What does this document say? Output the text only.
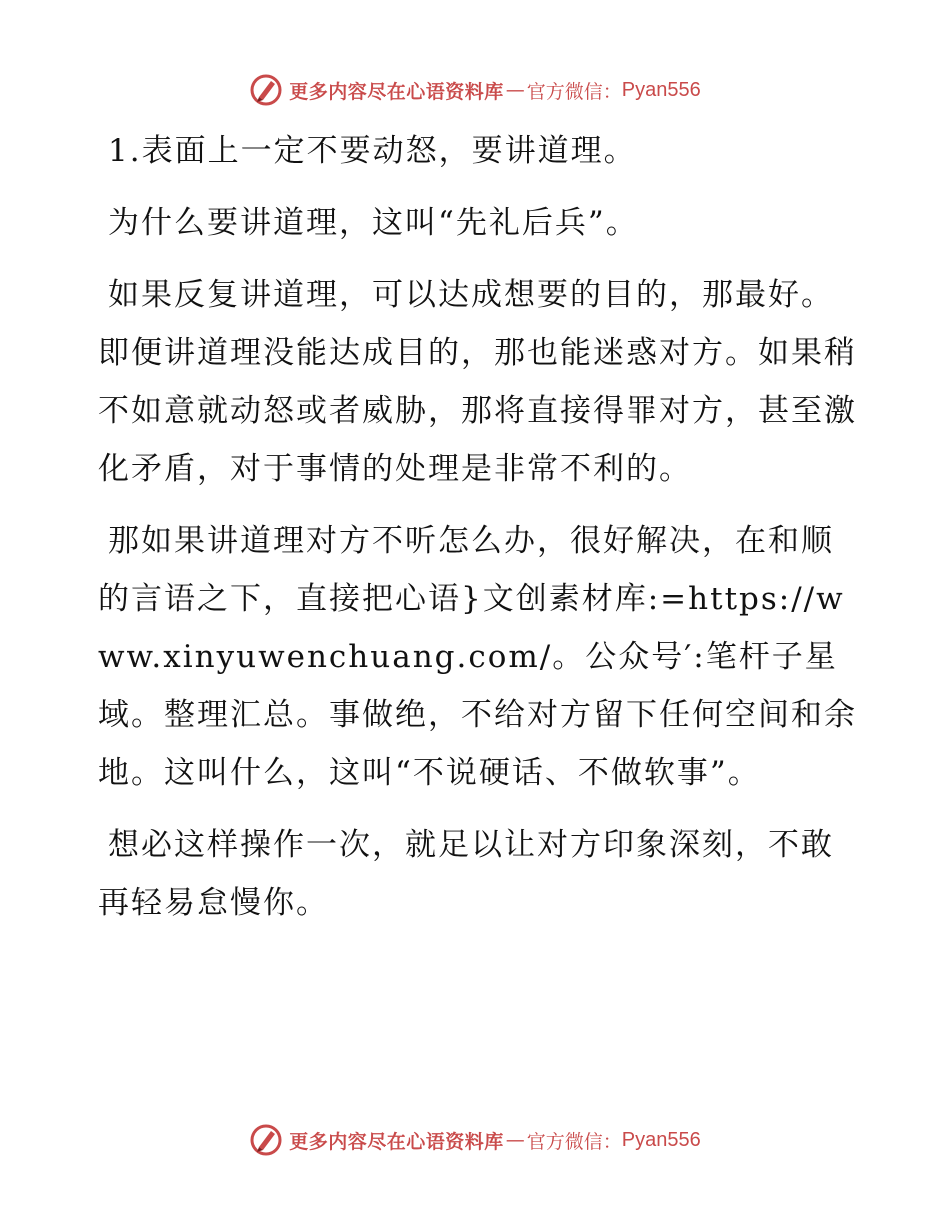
更多内容尽在心语资料库 — 官方微信： Pyan556

1.表面上一定不要动怒，要讲道理。

为什么要讲道理，这叫“先礼后兵”。

如果反复讲道理，可以达成想要的目的，那最好。即便讲道理没能达成目的，那也能迷惑对方。如果稍不如意就动怒或者威胁，那将直接得罪对方，甚至激化矛盾，对于事情的处理是非常不利的。

那如果讲道理对方不听怎么办，很好解决，在和顺的言语之下，直接把心语}文创素材库:=https://www.xinyuwenchuang.com/。公众号′:笔杆子星域。整理汇总。事做绝，不给对方留下任何空间和余地。这叫什么，这叫“不说硬话、不做软事”。

想必这样操作一次，就足以让对方印象深刻，不敢再轻易怠慢你。

更多内容尽在心语资料库 — 官方微信： Pyan556
